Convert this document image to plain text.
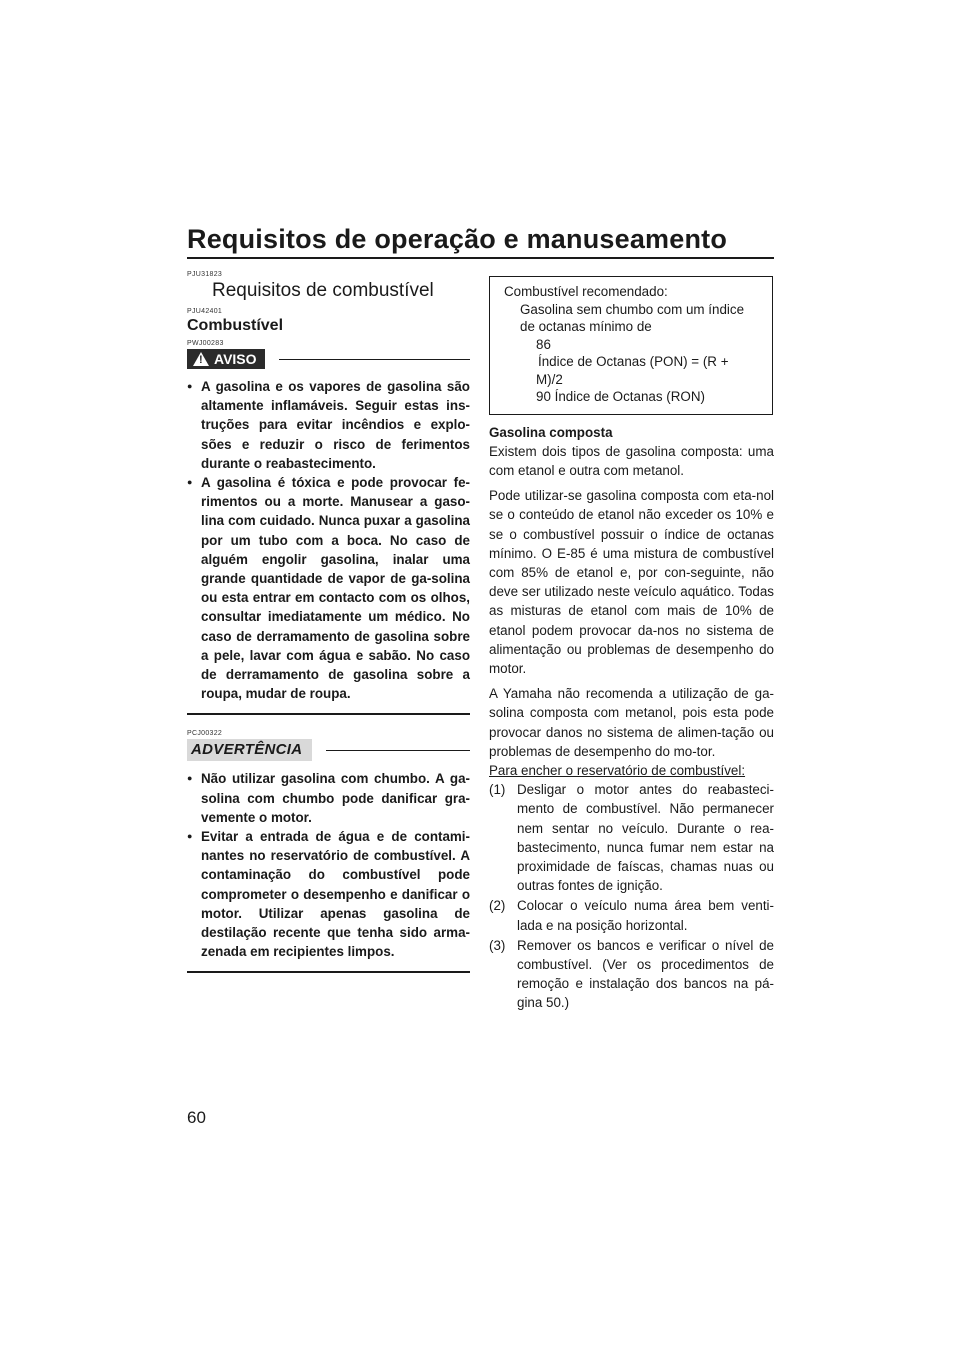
Requisitos de operação e manuseamento
PJU31823
Requisitos de combustível
PJU42401
Combustível
PWJ00283
! AVISO
● A gasolina e os vapores de gasolina são altamente inflamáveis. Seguir estas ins-truções para evitar incêndios e explo-sões e reduzir o risco de ferimentos durante o reabastecimento.
● A gasolina é tóxica e pode provocar fe-rimentos ou a morte. Manusear a gaso-lina com cuidado. Nunca puxar a gasolina por um tubo com a boca. No caso de alguém engolir gasolina, inalar uma grande quantidade de vapor de ga-solina ou esta entrar em contacto com os olhos, consultar imediatamente um médico. No caso de derramamento de gasolina sobre a pele, lavar com água e sabão. No caso de derramamento de gasolina sobre a roupa, mudar de roupa.
PCJ00322
ADVERTÊNCIA
● Não utilizar gasolina com chumbo. A ga-solina com chumbo pode danificar gra-vemente o motor.
● Evitar a entrada de água e de contami-nantes no reservatório de combustível. A contaminação do combustível pode comprometer o desempenho e danificar o motor. Utilizar apenas gasolina de destilação recente que tenha sido arma-zenada em recipientes limpos.
Combustível recomendado:
Gasolina sem chumbo com um índice
de octanas mínimo de
86
Índice de Octanas (PON) = (R +
M)/2
90 Índice de Octanas (RON)

Gasolina composta

Existem dois tipos de gasolina composta: uma com etanol e outra com metanol.

Pode utilizar-se gasolina composta com eta-nol se o conteúdo de etanol não exceder os 10% e se o combustível possuir o índice de octanas mínimo. O E-85 é uma mistura de combustível com 85% de etanol e, por con-seguinte, não deve ser utilizado neste veículo aquático. Todas as misturas de etanol com mais de 10% de etanol podem provocar da-nos no sistema de alimentação ou problemas de desempenho do motor.

A Yamaha não recomenda a utilização de ga-solina composta com metanol, pois esta pode provocar danos no sistema de alimen-tação ou problemas de desempenho do mo-tor.

Para encher o reservatório de combustível:

(1) Desligar o motor antes do reabasteci-mento de combustível. Não permanecer nem sentar no veículo. Durante o rea-bastecimento, nunca fumar nem estar na proximidade de faíscas, chamas nuas ou outras fontes de ignição.
(2) Colocar o veículo numa área bem venti-lada e na posição horizontal.
(3) Remover os bancos e verificar o nível de combustível. (Ver os procedimentos de remoção e instalação dos bancos na pá-gina 50.)
60
